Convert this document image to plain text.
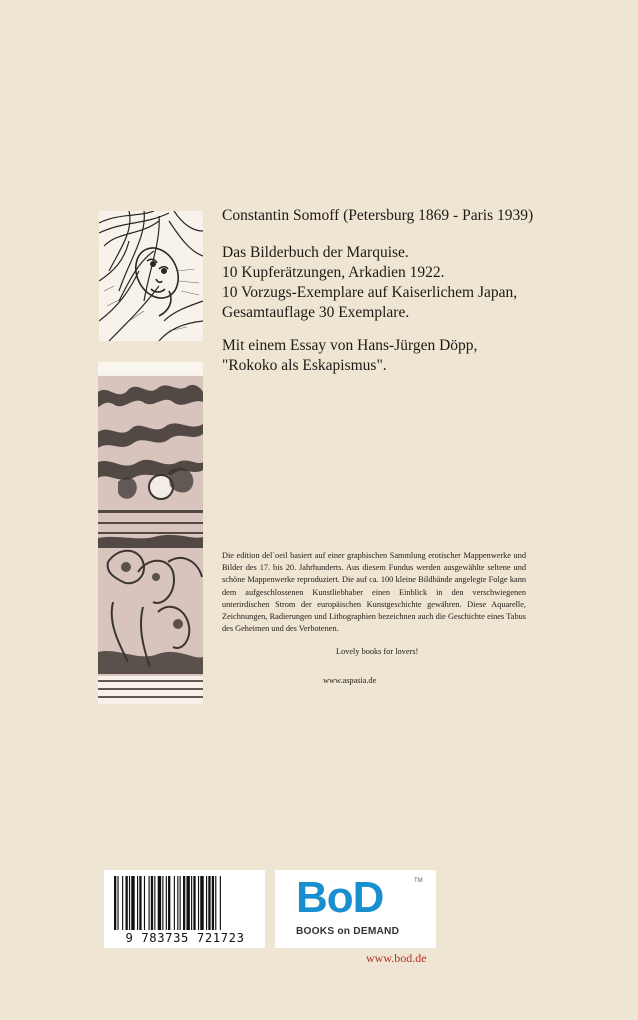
Constantin Somoff (Petersburg 1869 - Paris 1939)
Das Bilderbuch der Marquise.
10 Kupferätzungen, Arkadien 1922.
10 Vorzugs-Exemplare auf Kaiserlichem Japan,
Gesamtauflage 30 Exemplare.
Mit einem Essay von Hans-Jürgen Döpp,
"Rokoko als Eskapismus".
Die edition del`oeil basiert auf einer graphischen Sammlung erotischer Mappenwerke und Bilder des 17. bis 20. Jahrhunderts. Aus diesem Fundus werden ausgewählte seltene und schöne Mappenwerke reproduziert. Die auf ca. 100 kleine Bildbände angelegte Folge kann dem aufgeschlossenen Kunstliebhaber einen Einblick in den verschwiegenen unterirdischen Strom der europäischen Kunstgeschichte gewähren. Diese Aquarelle, Zeichnungen, Radierungen und Lithographien bezeichnen auch die Geschichte eines Tabus des Geheimen und des Verbotenen.
Lovely books for lovers!
www.aspasia.de
9 783735 721723
BoD	TM
BOOKS on DEMAND
www.bod.de
